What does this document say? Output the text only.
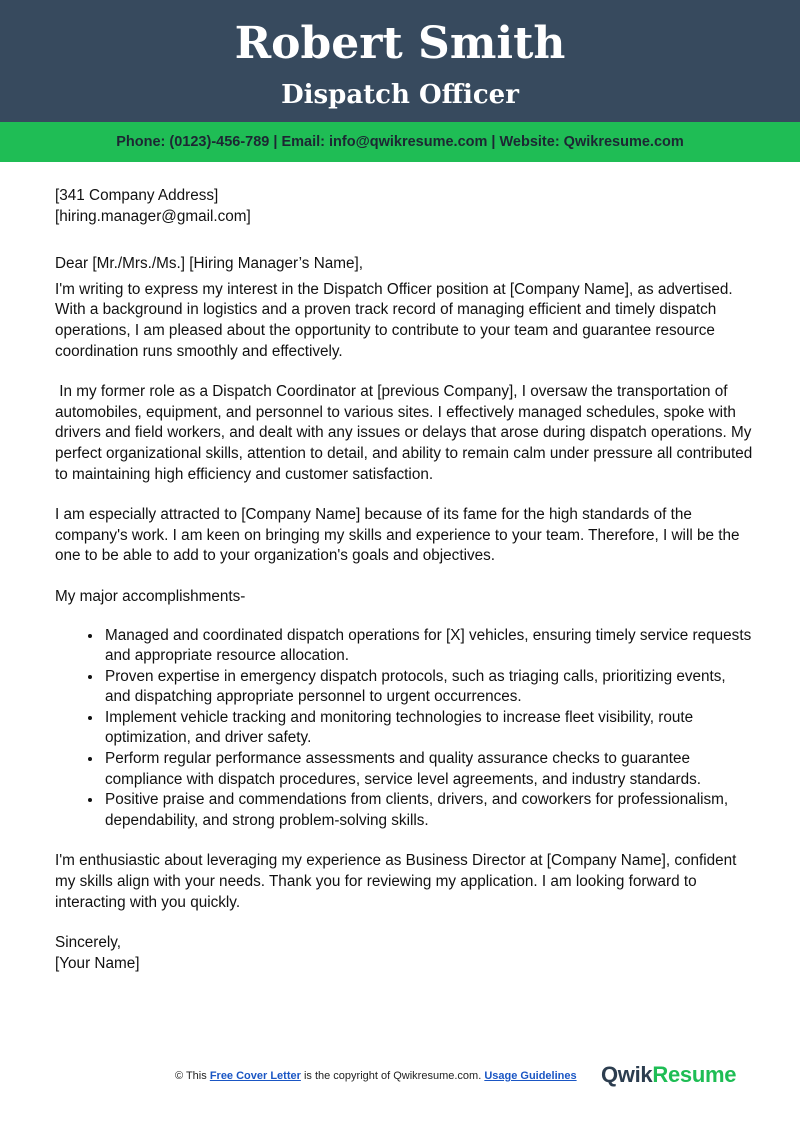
Robert Smith
Dispatch Officer
Phone: (0123)-456-789 | Email: info@qwikresume.com | Website: Qwikresume.com

[341 Company Address]

[hiring.manager@gmail.com]

Dear [Mr./Mrs./Ms.] [Hiring Manager’s Name],

I'm writing to express my interest in the Dispatch Officer position at [Company Name], as advertised. With a background in logistics and a proven track record of managing efficient and timely dispatch operations, I am pleased about the opportunity to contribute to your team and guarantee resource coordination runs smoothly and effectively.

In my former role as a Dispatch Coordinator at [previous Company], I oversaw the transportation of automobiles, equipment, and personnel to various sites. I effectively managed schedules, spoke with drivers and field workers, and dealt with any issues or delays that arose during dispatch operations. My perfect organizational skills, attention to detail, and ability to remain calm under pressure all contributed to maintaining high efficiency and customer satisfaction.

I am especially attracted to [Company Name] because of its fame for the high standards of the company's work. I am keen on bringing my skills and experience to your team. Therefore, I will be the one to be able to add to your organization's goals and objectives.

My major accomplishments-

• Managed and coordinated dispatch operations for [X] vehicles, ensuring timely service requests and appropriate resource allocation.
• Proven expertise in emergency dispatch protocols, such as triaging calls, prioritizing events, and dispatching appropriate personnel to urgent occurrences.
• Implement vehicle tracking and monitoring technologies to increase fleet visibility, route optimization, and driver safety.
• Perform regular performance assessments and quality assurance checks to guarantee compliance with dispatch procedures, service level agreements, and industry standards.
• Positive praise and commendations from clients, drivers, and coworkers for professionalism, dependability, and strong problem-solving skills.

I'm enthusiastic about leveraging my experience as Business Director at [Company Name], confident my skills align with your needs. Thank you for reviewing my application. I am looking forward to interacting with you quickly.

Sincerely,

[Your Name]

© This Free Cover Letter is the copyright of Qwikresume.com. Usage Guidelines QwikResume
